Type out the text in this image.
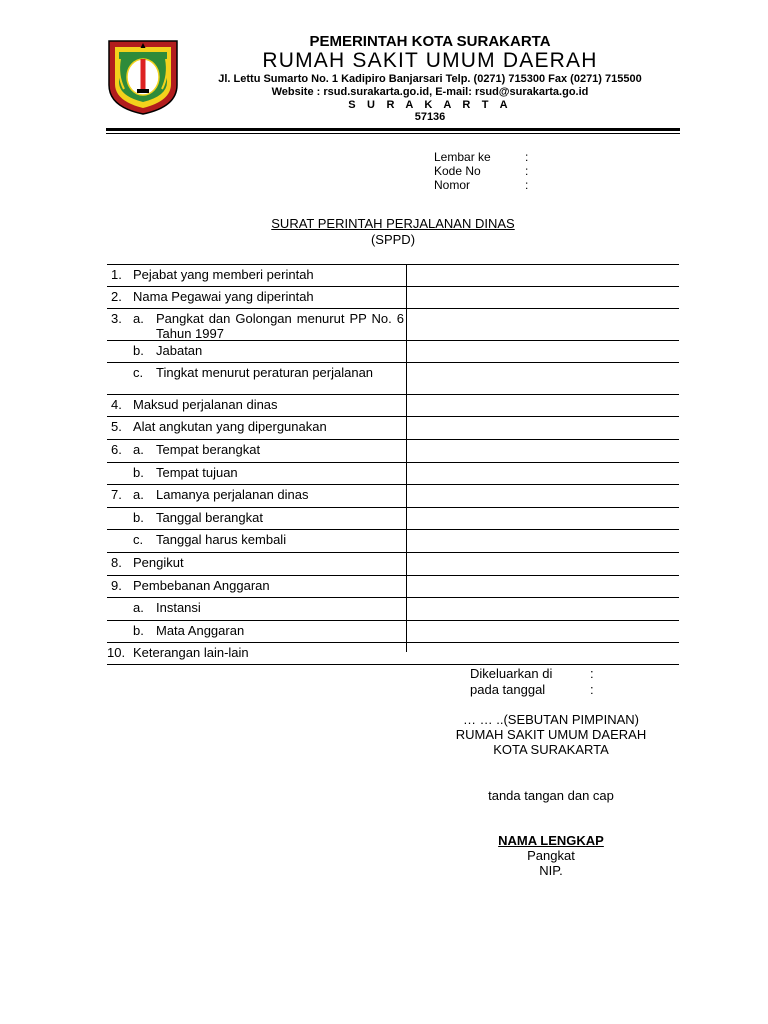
PEMERINTAH KOTA SURAKARTA
RUMAH SAKIT UMUM DAERAH
Jl. Lettu Sumarto No. 1 Kadipiro Banjarsari Telp. (0271) 715300 Fax (0271) 715500
Website : rsud.surakarta.go.id, E-mail: rsud@surakarta.go.id
S U R A K A R T A
57136
Lembar ke	:
Kode No	:
Nomor	:
SURAT PERINTAH PERJALANAN DINAS
(SPPD)
1. Pejabat yang memberi perintah
2. Nama Pegawai yang diperintah
3. a. Pangkat dan Golongan menurut PP No. 6 Tahun 1997
b. Jabatan
c. Tingkat menurut peraturan perjalanan
4. Maksud perjalanan dinas
5. Alat angkutan yang dipergunakan
6. a. Tempat berangkat
b. Tempat tujuan
7. a. Lamanya perjalanan dinas
b. Tanggal berangkat
c. Tanggal harus kembali
8. Pengikut
9. Pembebanan Anggaran
a. Instansi
b. Mata Anggaran
10. Keterangan lain-lain
Dikeluarkan di	:
pada tanggal	:
… … ..(SEBUTAN PIMPINAN)
RUMAH SAKIT UMUM DAERAH
KOTA SURAKARTA
tanda tangan dan cap
NAMA LENGKAP
Pangkat
NIP.
